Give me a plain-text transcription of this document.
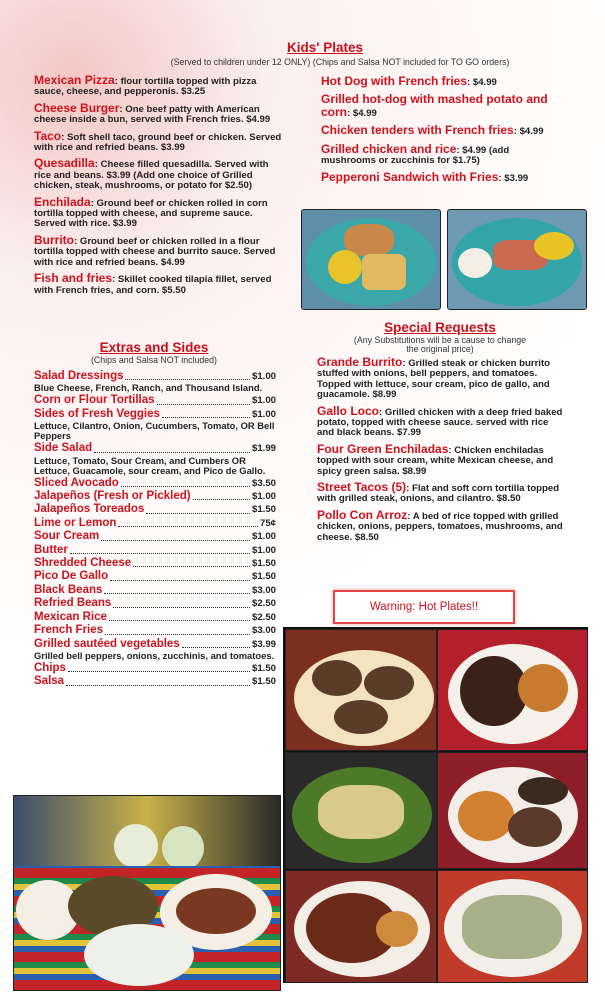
Kids' Plates
(Served to children under 12 ONLY) (Chips and Salsa NOT included for TO GO orders)
Mexican Pizza: flour tortilla topped with pizza sauce, cheese, and pepperonis. $3.25
Cheese Burger: One beef patty with American cheese inside a bun, served with French fries. $4.99
Taco: Soft shell taco, ground beef or chicken. Served with rice and refried beans. $3.99
Quesadilla: Cheese filled quesadilla. Served with rice and beans. $3.99 (Add one choice of Grilled chicken, steak, mushrooms, or potato for $2.50)
Enchilada: Ground beef or chicken rolled in corn tortilla topped with cheese, and supreme sauce. Served with rice. $3.99
Burrito: Ground beef or chicken rolled in a flour tortilla topped with cheese and burrito sauce. Served with rice and refried beans. $4.99
Fish and fries: Skillet cooked tilapia fillet, served with French fries, and corn. $5.50
Hot Dog with French fries: $4.99
Grilled hot-dog with mashed potato and corn: $4.99
Chicken tenders with French fries: $4.99
Grilled chicken and rice: $4.99 (add mushrooms or zucchinis for $1.75)
Pepperoni Sandwich with Fries: $3.99
Extras and Sides
(Chips and Salsa NOT included)
Salad Dressings	$1.00
Blue Cheese, French, Ranch, and Thousand Island.
Corn or Flour Tortillas	$1.00
Sides of Fresh Veggies	$1.00
Lettuce, Cilantro, Onion, Cucumbers, Tomato, OR Bell Peppers
Side Salad	$1.99
Lettuce, Tomato, Sour Cream, and Cumbers OR Lettuce, Guacamole, sour cream, and Pico de Gallo.
Sliced Avocado	$3.50
Jalapeños (Fresh or Pickled)	$1.00
Jalapeños Toreados	$1.50
Lime or Lemon	75¢
Sour Cream	$1.00
Butter	$1.00
Shredded Cheese	$1.50
Pico De Gallo	$1.50
Black Beans	$3.00
Refried Beans	$2.50
Mexican Rice	$2.50
French Fries	$3.00
Grilled sautéed vegetables	$3.99
Grilled bell peppers, onions, zucchinis, and tomatoes.
Chips	$1.50
Salsa	$1.50
Special Requests
(Any Substitutions will be a cause to change
the original price)
Grande Burrito: Grilled steak or chicken burrito stuffed with onions, bell peppers, and tomatoes. Topped with lettuce, sour cream, pico de gallo, and guacamole. $8.99
Gallo Loco: Grilled chicken with a deep fried baked potato, topped with cheese sauce. served with rice and black beans. $7.99
Four Green Enchiladas: Chicken enchiladas topped with sour cream, white Mexican cheese, and spicy green salsa. $8.99
Street Tacos (5): Flat and soft corn tortilla topped with grilled steak, onions, and cilantro. $8.50
Pollo Con Arroz: A bed of rice topped with grilled chicken, onions, peppers, tomatoes, mushrooms, and cheese. $8.50
Warning: Hot Plates!!
